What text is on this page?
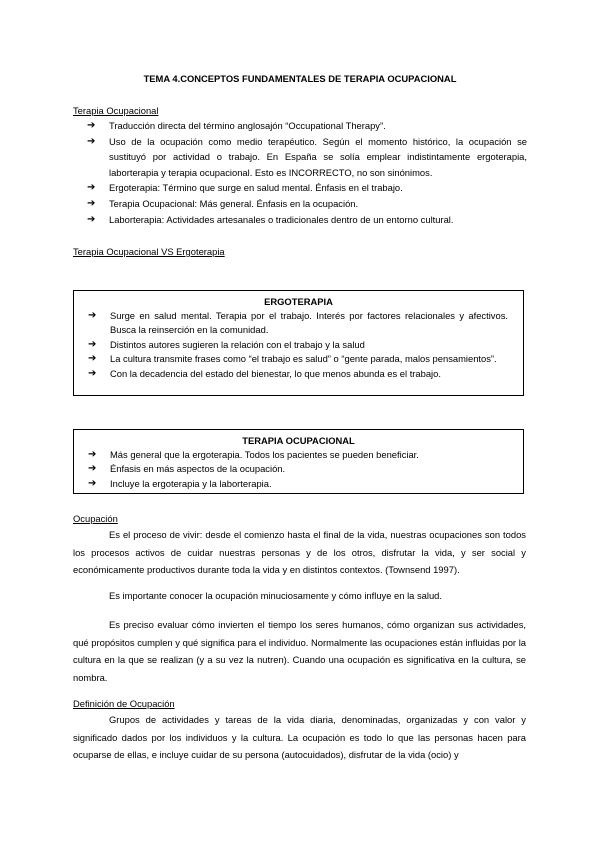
TEMA 4.CONCEPTOS FUNDAMENTALES DE TERAPIA OCUPACIONAL
Terapia Ocupacional
➔ Traducción directa del término anglosajón “Occupational Therapy”.
➔ Uso de la ocupación como medio terapéutico. Según el momento histórico, la ocupación se sustituyó por actividad o trabajo. En España se solía emplear indistintamente ergoterapia, laborterapia y terapia ocupacional. Esto es INCORRECTO, no son sinónimos.
➔ Ergoterapia: Término que surge en salud mental. Énfasis en el trabajo.
➔ Terapia Ocupacional: Más general. Énfasis en la ocupación.
➔ Laborterapia: Actividades artesanales o tradicionales dentro de un entorno cultural.
Terapia Ocupacional VS Ergoterapia
ERGOTERAPIA
➔ Surge en salud mental. Terapia por el trabajo. Interés por factores relacionales y afectivos. Busca la reinserción en la comunidad.
➔ Distintos autores sugieren la relación con el trabajo y la salud
➔ La cultura transmite frases como “el trabajo es salud” o “gente parada, malos pensamientos”.
➔ Con la decadencia del estado del bienestar, lo que menos abunda es el trabajo.
TERAPIA OCUPACIONAL
➔ Más general que la ergoterapia. Todos los pacientes se pueden beneficiar.
➔ Énfasis en más aspectos de la ocupación.
➔ Incluye la ergoterapia y la laborterapia.
Ocupación

Es el proceso de vivir: desde el comienzo hasta el final de la vida, nuestras ocupaciones son todos los procesos activos de cuidar nuestras personas y de los otros, disfrutar la vida, y ser social y económicamente productivos durante toda la vida y en distintos contextos. (Townsend 1997).

Es importante conocer la ocupación minuciosamente y cómo influye en la salud.

Es preciso evaluar cómo invierten el tiempo los seres humanos, cómo organizan sus actividades, qué propósitos cumplen y qué significa para el individuo. Normalmente las ocupaciones están influidas por la cultura en la que se realizan (y a su vez la nutren). Cuando una ocupación es significativa en la cultura, se nombra.

Definición de Ocupación

Grupos de actividades y tareas de la vida diaria, denominadas, organizadas y con valor y significado dados por los individuos y la cultura. La ocupación es todo lo que las personas hacen para ocuparse de ellas, e incluye cuidar de su persona (autocuidados), disfrutar de la vida (ocio) y
